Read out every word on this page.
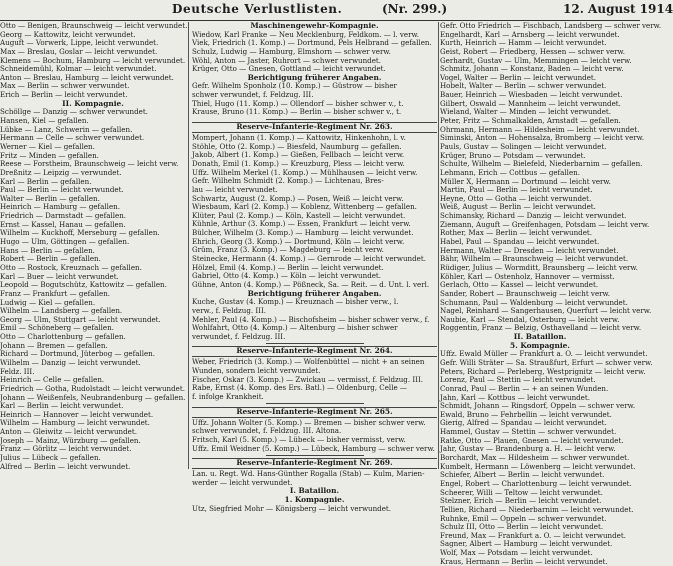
Deutsche Verlustlisten.	(Nr. 299.)	12. August 1914
Otto — Benigen, Braunschweig — leicht verwundet.
Georg — Kattowitz, leicht verwundet.
Auguft — Vorwerk, Lippe, leicht verwundet.
Max — Breslau, Goslar — leicht verwundet.
Klemens — Bochum, Hamburg — leicht verwundet.
Schneidemühl, Kolmar — leicht verwundet.
Anton — Breslau, Hamburg — leicht verwundet.
Max — Berlin — schwer verwundet.
Erich — Berlin — leicht verwundet.
II. Kompagnie.
Schöllge — Danzig — schwer verwundet.
Hansen, Kiel — gefallen.
Lübke — Lanz, Schwerin — gefallen.
Hermann — Celle — schwer verwundet.
Werner — Kiel — gefallen.
Fritz — Minden — gefallen.
Reese — Forstheim, Braunschweig — leicht verw.
Dreßnitz — Leipzig — verwundet.
Karl — Berlin — gefallen.
Paul — Berlin — leicht verwundet.
Walter — Berlin — gefallen.
Heinrich — Hamburg — gefallen.
Friedrich — Darmstadt — gefallen.
Ernst — Kassel, Hanau — gefallen.
Wilhelm — Kuckhoff, Merseburg — gefallen.
Hugo — Ulm, Göttingen — gefallen.
Hans — Berlin — gefallen.
Robert — Berlin — gefallen.
Otto — Rostock, Kreuznach — gefallen.
Karl — Buer — leicht verwundet.
Leopold — Bogutschütz, Kattowitz — gefallen.
Franz — Frankfurt — gefallen.
Ludwig — Kiel — gefallen.
Wilhelm — Landsberg — gefallen.
Georg — Ulm, Stuttgart — leicht verwundet.
Emil — Schöneberg — gefallen.
Otto — Charlottenburg — gefallen.
Johann — Bremen — gefallen.
Richard — Dortmund, Jüterbog — gefallen.
Wilhelm — Danzig — leicht verwundet.
Feldz. III.
Heinrich — Celle — gefallen.
Friedrich — Gotha, Rudolstadt — leicht verwundet.
Johann — Weißenfels, Neubrandenburg — gefallen.
Karl — Berlin — leicht verwundet.
Heinrich — Hannover — leicht verwundet.
Wilhelm — Hamburg — leicht verwundet.
Anton — Gleiwitz — leicht verwundet.
Joseph — Mainz, Würzburg — gefallen.
Franz — Görlitz — leicht verwundet.
Julius — Lübeck — gefallen.
Alfred — Berlin — leicht verwundet.
Maschinengewehr-Kompagnie.
Wiedow, Karl Franke — Neu Mecklenburg, Feldkom. — l. verw.
Viek, Friedrich (1. Komp.) — Dortmund, Pels Helbrand — gefallen.
Schulz, Ludwig — Hamburg, Elmshorn — schwer verw.
Wöhl, Anton — Jaster, Ruhrort — schwer verwundet.
Krüger, Otto — Gnesen, Gottland — leicht verwundet.
Berichtigung früherer Angaben.
Gefr. Wilhelm Sponholz (10. Komp.) — Güstrow — bisher
schwer verwundet, f. Feldzug. III.
Thiel, Hugo (11. Komp.) — Ollendorf — bisher schwer v., t.
Krause, Bruno (11. Komp.) — Berlin — bisher schwer v., t.
Reserve-Infanterie-Regiment Nr. 263.
Mompert, Johann (1. Komp.) — Kattowitz, Hinkenhohn, l. v.
Stöhle, Otto (2. Komp.) — Biesfeld, Naumburg — gefallen.
Jakob, Albert (1. Komp.) — Gießen, Fellbach — leicht verw.
Donath, Emil (1. Komp.) — Kreuzburg, Pless — leicht verw.
Uffz. Wilhelm Merkel (1. Komp.) — Mühlhausen — leicht verw.
Gefr. Wilhelm Schmidt (2. Komp.) — Lichtenau, Bres-
lau — leicht verwundet.
Schwartz, August (2. Komp.) — Posen, Weiß — leicht verw.
Wiesbaum, Karl (2. Komp.) — Koblenz, Wittenberg — gefallen.
Klüter, Paul (2. Komp.) — Köln, Kastell — leicht verwundet.
Kühnle, Arthur (3. Komp.) — Essen, Frankfurt — leicht verw.
Bülcher, Wilhelm (3. Komp.) — Hamburg — leicht verwundet.
Ehrich, Georg (3. Komp.) — Dortmund, Köln — leicht verw.
Grüm, Franz (3. Komp.) — Magdeburg — leicht verw.
Steinecke, Hermann (4. Komp.) — Gernrode — leicht verwundet.
Hölzel, Emil (4. Komp.) — Berlin — leicht verwundet.
Gabriel, Otto (4. Komp.) — Köln — leicht verwundet.
Gühne, Anton (4. Komp.) — Pößneck, Sa. — Reit. — d. Unt. l. verl.
Berichtigung früherer Angaben.
Kuche, Gustav (4. Komp.) — Kreuznach — bisher verw., l.
verw., f. Feldzug. III.
Mehler, Paul (4. Komp.) — Bischofsheim — bisher schwer verw., f.
Wohlfahrt, Otto (4. Komp.) — Altenburg — bisher schwer
verwundet, f. Feldzug. III.
Reserve-Infanterie-Regiment Nr. 264.
Weber, Friedrich (3. Komp.) — Wolfenbüttel — nicht + an seinen
Wunden, sondern leicht verwundet.
Fischer, Oskar (3. Komp.) — Zwickau — vermisst, f. Feldzug. III.
Rabe, Ernst (4. Komp. des Ers. Batl.) — Oldenburg, Celle —
f. infolge Krankheit.
Reserve-Infanterie-Regiment Nr. 265.
Uffz. Johann Wolter (5. Komp.) — Bremen — bisher schwer verw.
schwer verwundet, f. Feldzug. III. Altona.
Fritsch, Karl (5. Komp.) — Lübeck — bisher vermisst, verw.
Uffz. Emil Weidner (5. Komp.) — Lübeck, Hamburg — schwer verw.
Reserve-Infanterie-Regiment Nr. 269.
Lan. u. Regt. Wd. Hans-Günther Rogalla (Stab) — Kulm, Marien-
werder — leicht verwundet.
I. Bataillon.
1. Kompagnie.
Utz, Siegfried Mohr — Königsberg — leicht verwundet.
Gefr. Otto Friedrich — Fischbach, Landsberg — schwer verw.
Engelhardt, Karl — Arnsberg — leicht verwundet.
Kurth, Heinrich — Hamm — leicht verwundet.
Geist, Robert — Friedberg, Hessen — schwer verw.
Gerhardt, Gustav — Ulm, Memmingen — leicht verw.
Schmitz, Johann — Konstanz, Baden — leicht verw.
Vogel, Walter — Berlin — leicht verwundet.
Hobelt, Walter — Berlin — schwer verwundet.
Bauer, Heinrich — Wiesbaden — leicht verwundet.
Gilbert, Oswald — Mannheim — leicht verwundet.
Wieland, Walter — Minden — leicht verwundet.
Peter, Fritz — Schmalkalden, Arnstadt — gefallen.
Ohrmann, Hermann — Hildesheim — leicht verwundet.
Siminski, Anton — Hohensalza, Bromberg — leicht verw.
Pauls, Gustav — Solingen — leicht verwundet.
Krüger, Bruno — Potsdam — verwundet.
Schulte, Wilhelm — Bielefeld, Niederbarnim — gefallen.
Lehmann, Erich — Cottbus — gefallen.
Müller X, Hermann — Dortmund — leicht verw.
Martin, Paul — Berlin — leicht verwundet.
Heyne, Otto — Gotha — leicht verwundet.
Weiß, August — Berlin — leicht verwundet.
Schimansky, Richard — Danzig — leicht verwundet.
Ziemann, Auguft — Greifenhagen, Potsdam — leicht verw.
Rother, Max — Berlin — leicht verwundet.
Habel, Paul — Spandau — leicht verwundet.
Hermann, Walter — Dresden — leicht verwundet.
Bähr, Wilhelm — Braunschweig — leicht verwundet.
Rüdiger, Julius — Wormditt, Braunsberg — leicht verw.
Köhler, Karl — Ostenholz, Hannover — vermisst.
Gerlach, Otto — Kassel — leicht verwundet.
Sander, Robert — Braunschweig — leicht verw.
Schumann, Paul — Waldenburg — leicht verwundet.
Nagel, Reinhard — Sangerhausen, Querfurt — leicht verw.
Naubie, Karl — Stendal, Osterburg — leicht verw.
Roggentin, Franz — Belzig, Osthavelland — leicht verw.
II. Bataillon.
5. Kompagnie.
Uffz. Ewald Müller — Frankfurt a. O. — leicht verwundet.
Gefr. Willi Sträter — Sa. Straußfurt, Erfurt — schwer verw.
Peters, Richard — Perleberg, Westprignitz — leicht verw.
Lorenz, Paul — Stettin — leicht verwundet.
Conrad, Paul — Berlin — + an seinen Wunden.
Jahn, Karl — Kottbus — leicht verwundet.
Schmidt, Johann — Ringsdorf, Oppeln — schwer verw.
Ewald, Bruno — Fehrbellin — leicht verwundet.
Gierig, Alfred — Spandau — leicht verwundet.
Hammel, Gustav — Stettin — schwer verwundet.
Ratke, Otto — Plauen, Gnesen — leicht verwundet.
Jahr, Gustav — Brandenburg a. H. — leicht verw.
Borchardt, Max — Hildesheim — schwer verwundet.
Kumbelt, Hermann — Löwenberg — leicht verwundet.
Schiefer, Albert — Berlin — leicht verwundet.
Engel, Robert — Charlottenburg — leicht verwundet.
Scheerer, Willi — Teltow — leicht verwundet.
Stelzner, Erich — Berlin — leicht verwundet.
Tellien, Richard — Niederbarnim — leicht verwundet.
Ruhnke, Emil — Oppeln — schwer verwundet.
Schulz III, Otto — Berlin — leicht verwundet.
Freund, Max — Frankfurt a. O. — leicht verwundet.
Sagner, Albert — Hamburg — leicht verwundet.
Wolf, Max — Potsdam — leicht verwundet.
Kraus, Hermann — Berlin — leicht verwundet.
